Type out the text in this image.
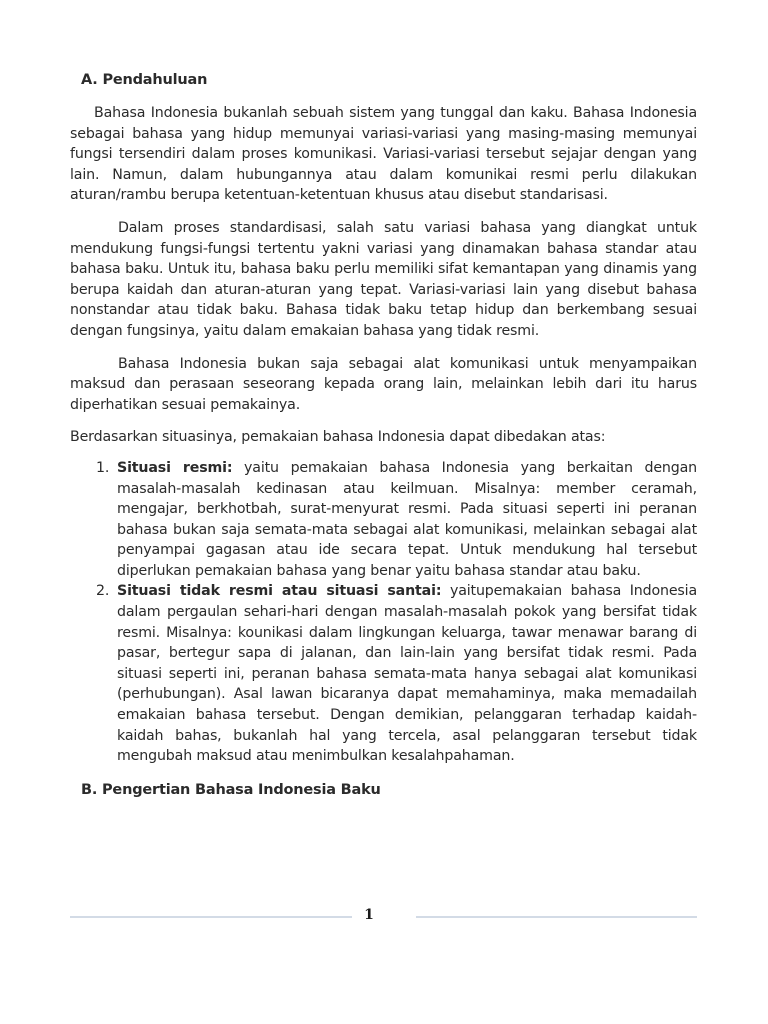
A. Pendahuluan

Bahasa Indonesia bukanlah sebuah sistem yang tunggal dan kaku. Bahasa Indonesia sebagai bahasa yang hidup memunyai variasi-variasi yang masing-masing memunyai fungsi tersendiri dalam proses komunikasi. Variasi-variasi tersebut sejajar dengan yang lain. Namun, dalam hubungannya atau dalam komunikai resmi perlu dilakukan aturan/rambu berupa ketentuan-ketentuan khusus atau disebut standarisasi.

Dalam proses standardisasi, salah satu variasi bahasa yang diangkat untuk mendukung fungsi-fungsi tertentu yakni variasi yang dinamakan bahasa standar atau bahasa baku. Untuk itu, bahasa baku perlu memiliki sifat kemantapan yang dinamis yang berupa kaidah dan aturan-aturan yang tepat. Variasi-variasi lain yang disebut bahasa nonstandar atau tidak baku. Bahasa tidak baku tetap hidup dan berkembang sesuai dengan fungsinya, yaitu dalam emakaian bahasa yang tidak resmi.

Bahasa Indonesia bukan saja sebagai alat komunikasi untuk menyampaikan maksud dan perasaan seseorang kepada orang lain, melainkan lebih dari itu harus diperhatikan sesuai pemakainya.

Berdasarkan situasinya, pemakaian bahasa Indonesia dapat dibedakan atas:

1. Situasi resmi: yaitu pemakaian bahasa Indonesia yang berkaitan dengan masalah-masalah kedinasan atau keilmuan. Misalnya: member ceramah, mengajar, berkhotbah, surat-menyurat resmi. Pada situasi seperti ini peranan bahasa bukan saja semata-mata sebagai alat komunikasi, melainkan sebagai alat penyampai gagasan atau ide secara tepat. Untuk mendukung hal tersebut diperlukan pemakaian bahasa yang benar yaitu bahasa standar atau baku.
2. Situasi tidak resmi atau situasi santai: yaitupemakaian bahasa Indonesia dalam pergaulan sehari-hari dengan masalah-masalah pokok yang bersifat tidak resmi. Misalnya: kounikasi dalam lingkungan keluarga, tawar menawar barang di pasar, bertegur sapa di jalanan, dan lain-lain yang bersifat tidak resmi. Pada situasi seperti ini, peranan bahasa semata-mata hanya sebagai alat komunikasi (perhubungan). Asal lawan bicaranya dapat memahaminya, maka memadailah emakaian bahasa tersebut. Dengan demikian, pelanggaran terhadap kaidah-kaidah bahas, bukanlah hal yang tercela, asal pelanggaran tersebut tidak mengubah maksud atau menimbulkan kesalahpahaman.
B. Pengertian Bahasa Indonesia Baku
1
